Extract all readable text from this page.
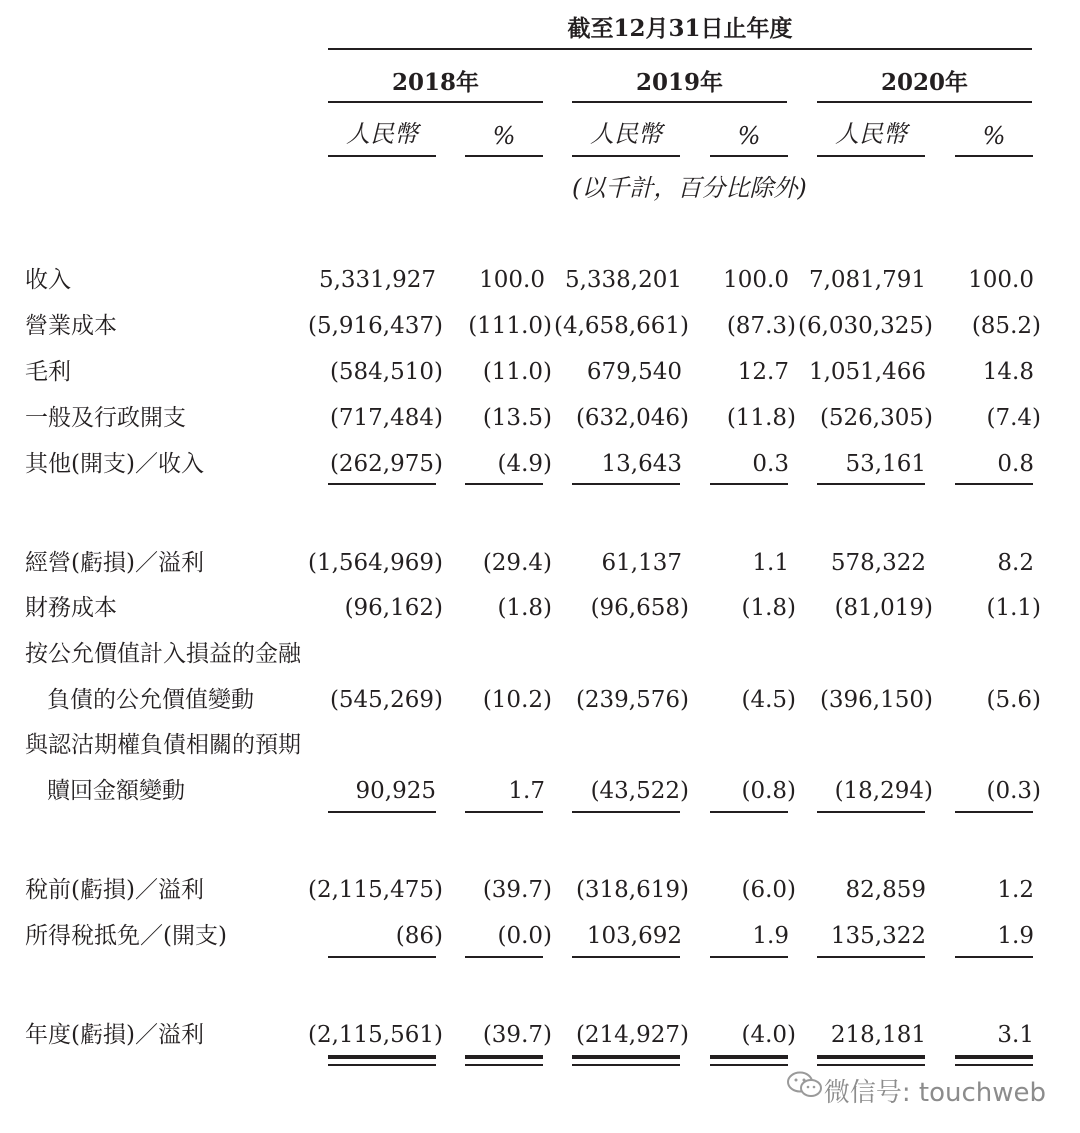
截至12月31日止年度
2018年	2019年	2020年
人民幣	%	人民幣	%	人民幣	%
(以千計，百分比除外)
收入	5,331,927	100.0 5,338,201	100.0 7,081,791	100.0
營業成本	(5,916,437)	(111.0) (4,658,661)	(87.3) (6,030,325)	(85.2)
毛利	(584,510)	(11.0)	679,540	12.7 1,051,466	14.8
一般及行政開支	(717,484)	(13.5)	(632,046)	(11.8)	(526,305)	(7.4)
其他(開支)／收入	(262,975)	(4.9)	13,643	0.3	53,161	0.8
經營(虧損)／溢利	(1,564,969)	(29.4)	61,137	1.1	578,322	8.2
財務成本	(96,162)	(1.8)	(96,658)	(1.8)	(81,019)	(1.1)
按公允價值計入損益的金融
負債的公允價值變動	(545,269)	(10.2)	(239,576)	(4.5)	(396,150)	(5.6)
與認沽期權負債相關的預期
贖回金額變動	90,925	1.7	(43,522)	(0.8)	(18,294)	(0.3)
稅前(虧損)／溢利	(2,115,475)	(39.7)	(318,619)	(6.0)	82,859	1.2
所得稅抵免／(開支)	(86)	(0.0)	103,692	1.9	135,322	1.9
年度(虧損)／溢利	(2,115,561)	(39.7)	(214,927)	(4.0)	218,181	3.1
微信号: touchweb
